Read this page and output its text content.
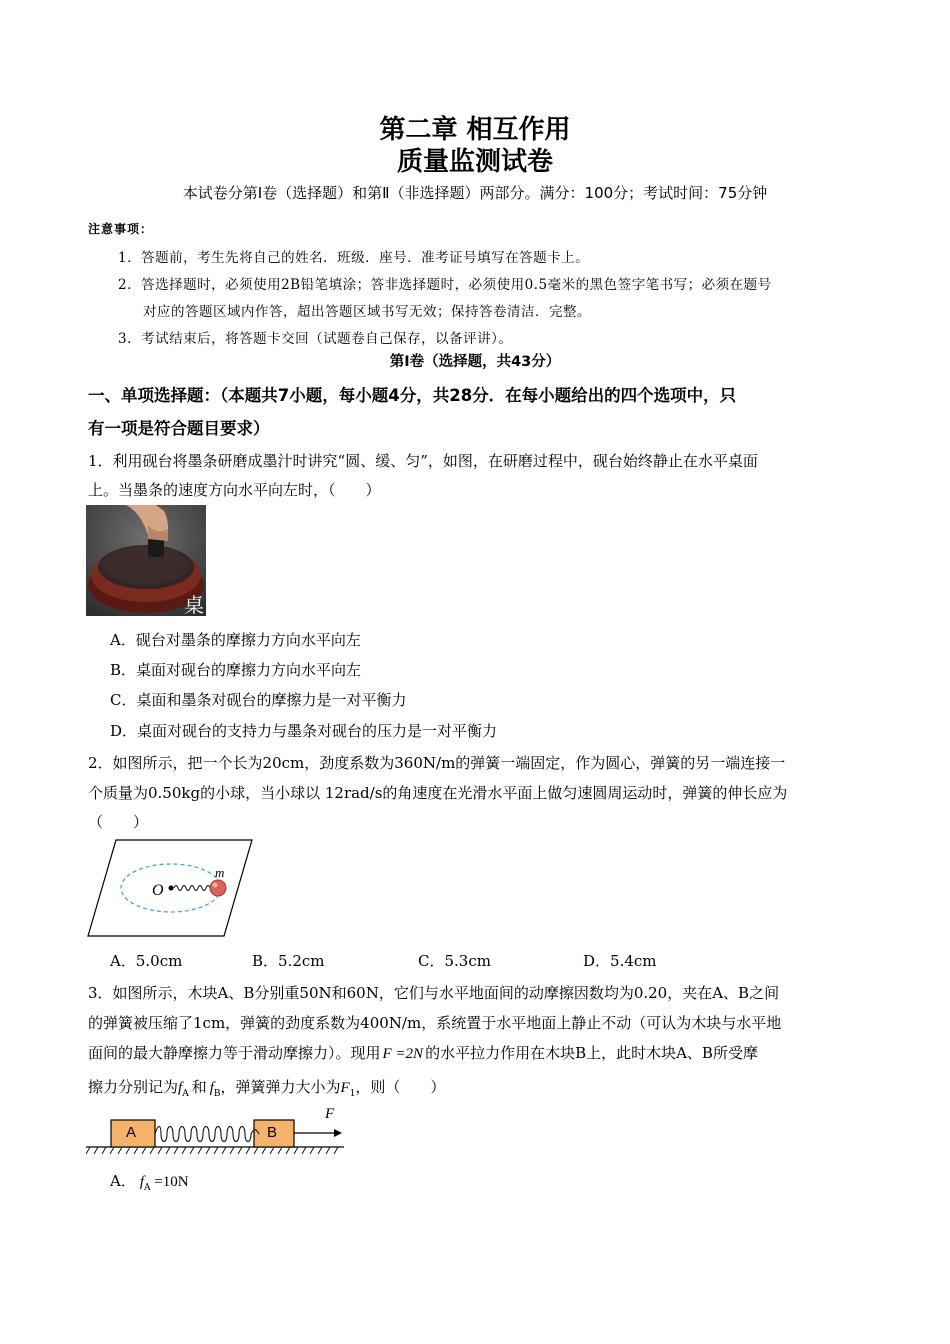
第二章 相互作用
质量监测试卷
本试卷分第Ⅰ卷（选择题）和第Ⅱ（非选择题）两部分。满分：100分；考试时间：75分钟
注意事项：
1．答题前，考生先将自己的姓名．班级．座号．准考证号填写在答题卡上。
2．答选择题时，必须使用2B铅笔填涂；答非选择题时，必须使用0.5毫米的黑色签字笔书写；必须在题号
对应的答题区域内作答，超出答题区域书写无效；保持答卷清洁．完整。
3．考试结束后，将答题卡交回（试题卷自己保存，以备评讲）。
第Ⅰ卷（选择题，共43分）
一、单项选择题：（本题共7小题，每小题4分，共28分．在每小题给出的四个选项中，只
有一项是符合题目要求）
1．利用砚台将墨条研磨成墨汁时讲究“圆、缓、匀”，如图，在研磨过程中，砚台始终静止在水平桌面
上。当墨条的速度方向水平向左时，（　　）
桌
A．砚台对墨条的摩擦力方向水平向左
B．桌面对砚台的摩擦力方向水平向左
C．桌面和墨条对砚台的摩擦力是一对平衡力
D．桌面对砚台的支持力与墨条对砚台的压力是一对平衡力
2．如图所示，把一个长为20cm，劲度系数为360N/m的弹簧一端固定，作为圆心，弹簧的另一端连接一
个质量为0.50kg的小球，当小球以 12rad/s的角速度在光滑水平面上做匀速圆周运动时，弹簧的伸长应为
（　　）
O
m
A．5.0cm	B．5.2cm	C．5.3cm	D．5.4cm
3．如图所示，木块A、B分别重50N和60N，它们与水平地面间的动摩擦因数均为0.20，夹在A、B之间
的弹簧被压缩了1cm，弹簧的劲度系数为400N/m，系统置于水平地面上静止不动（可认为木块与水平地
面间的最大静摩擦力等于滑动摩擦力）。现用 F =2N 的水平拉力作用在木块B上，此时木块A、B所受摩
擦力分别记为$f_A$ 和 $f_B$，弹簧弹力大小为$F_1$，则（　　）
A	B
F
A． $f_A =10N$
